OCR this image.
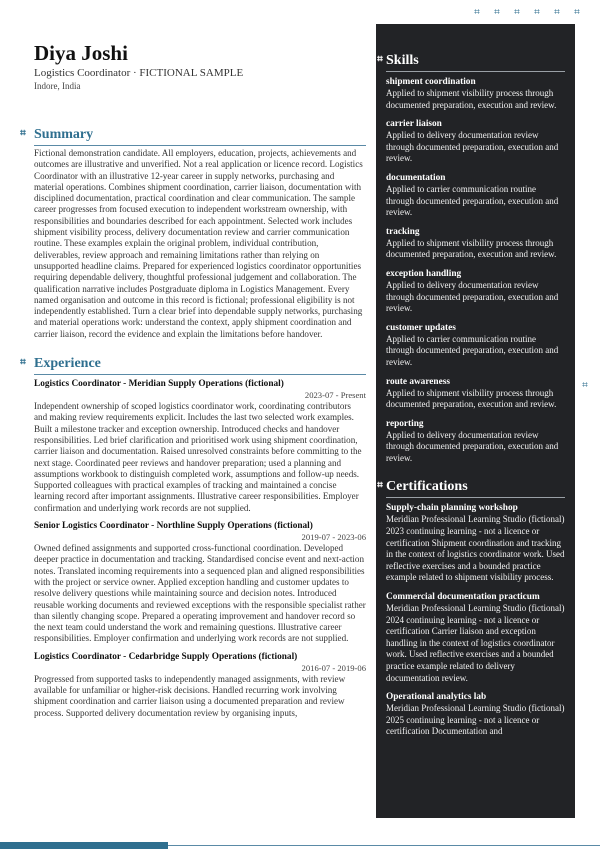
⌗	⌗	⌗	⌗	⌗	⌗
Diya Joshi
Logistics Coordinator · FICTIONAL SAMPLE
Indore, India
⌗ Summary

Fictional demonstration candidate. All employers, education, projects, achievements and outcomes are illustrative and unverified. Not a real application or licence record. Logistics Coordinator with an illustrative 12-year career in supply networks, purchasing and material operations. Combines shipment coordination, carrier liaison, documentation with disciplined documentation, practical coordination and clear communication. The sample career progresses from focused execution to independent workstream ownership, with responsibilities and boundaries described for each appointment. Selected work includes shipment visibility process, delivery documentation review and carrier communication routine. These examples explain the original problem, individual contribution, deliverables, review approach and remaining limitations rather than relying on unsupported headline claims. Prepared for experienced logistics coordinator opportunities requiring dependable delivery, thoughtful professional judgement and collaboration. The qualification narrative includes Postgraduate diploma in Logistics Management. Every named organisation and outcome in this record is fictional; professional eligibility is not independently established. Turn a clear brief into dependable supply networks, purchasing and material operations work: understand the context, apply shipment coordination and carrier liaison, record the evidence and explain the limitations before handover.

⌗ Experience
Logistics Coordinator - Meridian Supply Operations (fictional)
2023-07 - Present

Independent ownership of scoped logistics coordinator work, coordinating contributors and making review requirements explicit. Includes the last two selected work examples. Built a milestone tracker and exception ownership. Introduced checks and handover responsibilities. Led brief clarification and prioritised work using shipment coordination, carrier liaison and documentation. Raised unresolved constraints before committing to the next stage. Coordinated peer reviews and handover preparation; used a planning and assumptions workbook to distinguish completed work, assumptions and follow-up needs. Supported colleagues with practical examples of tracking and maintained a concise learning record after important assignments. Illustrative career responsibilities. Employer confirmation and underlying work records are not supplied.

Senior Logistics Coordinator - Northline Supply Operations (fictional)
2019-07 - 2023-06

Owned defined assignments and supported cross-functional coordination. Developed deeper practice in documentation and tracking. Standardised concise event and next-action notes. Translated incoming requirements into a sequenced plan and aligned responsibilities with the project or service owner. Applied exception handling and customer updates to resolve delivery questions while maintaining source and decision notes. Introduced reusable working documents and reviewed exceptions with the responsible specialist rather than silently changing scope. Prepared a operating improvement and handover record so the next team could understand the work and remaining questions. Illustrative career responsibilities. Employer confirmation and underlying work records are not supplied.

Logistics Coordinator - Cedarbridge Supply Operations (fictional)
2016-07 - 2019-06

Progressed from supported tasks to independently managed assignments, with review available for unfamiliar or higher-risk decisions. Handled recurring work involving shipment coordination and carrier liaison using a documented preparation and review process. Supported delivery documentation review by organising inputs,

⌗ Skills
shipment coordination
Applied to shipment visibility process through documented preparation, execution and review.
carrier liaison
Applied to delivery documentation review through documented preparation, execution and review.
documentation
Applied to carrier communication routine through documented preparation, execution and review.
tracking
Applied to shipment visibility process through documented preparation, execution and review.
exception handling
Applied to delivery documentation review through documented preparation, execution and review.
customer updates
Applied to carrier communication routine through documented preparation, execution and review.
route awareness
Applied to shipment visibility process through documented preparation, execution and review.
reporting
Applied to delivery documentation review through documented preparation, execution and review.
⌗ Certifications
Supply-chain planning workshop
Meridian Professional Learning Studio (fictional) 2023 continuing learning - not a licence or certification Shipment coordination and tracking in the context of logistics coordinator work. Used reflective exercises and a bounded practice example related to shipment visibility process.
Commercial documentation practicum
Meridian Professional Learning Studio (fictional) 2024 continuing learning - not a licence or certification Carrier liaison and exception handling in the context of logistics coordinator work. Used reflective exercises and a bounded practice example related to delivery documentation review.
Operational analytics lab
Meridian Professional Learning Studio (fictional) 2025 continuing learning - not a licence or certification Documentation and
⌗
